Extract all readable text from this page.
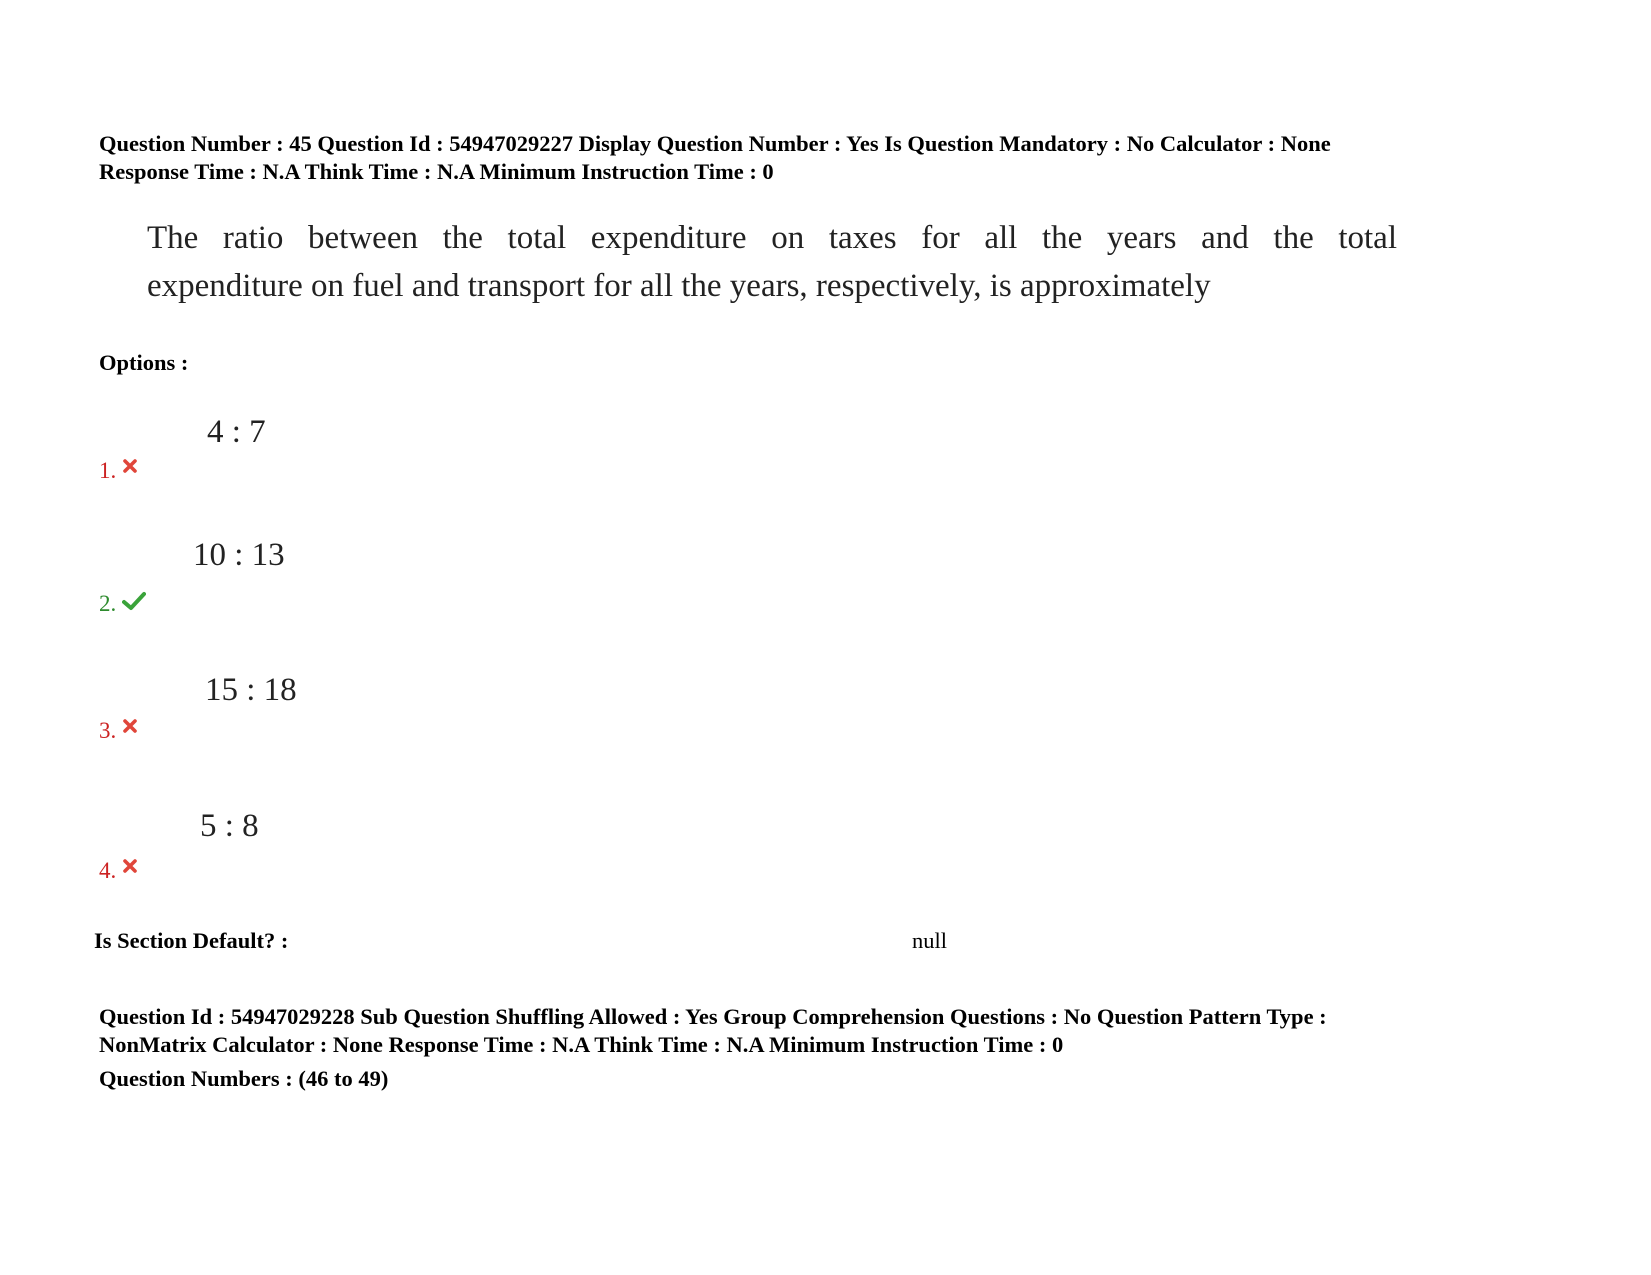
Question Number : 45 Question Id : 54947029227 Display Question Number : Yes Is Question Mandatory : No Calculator : None
Response Time : N.A Think Time : N.A Minimum Instruction Time : 0
The ratio between the total expenditure on taxes for all the years and the total
expenditure on fuel and transport for all the years, respectively, is approximately
Options :
4 : 7
1.
10 : 13
2.
15 : 18
3.
5 : 8
4.
Is Section Default? :	null
Question Id : 54947029228 Sub Question Shuffling Allowed : Yes Group Comprehension Questions : No Question Pattern Type :
NonMatrix Calculator : None Response Time : N.A Think Time : N.A Minimum Instruction Time : 0
Question Numbers : (46 to 49)
